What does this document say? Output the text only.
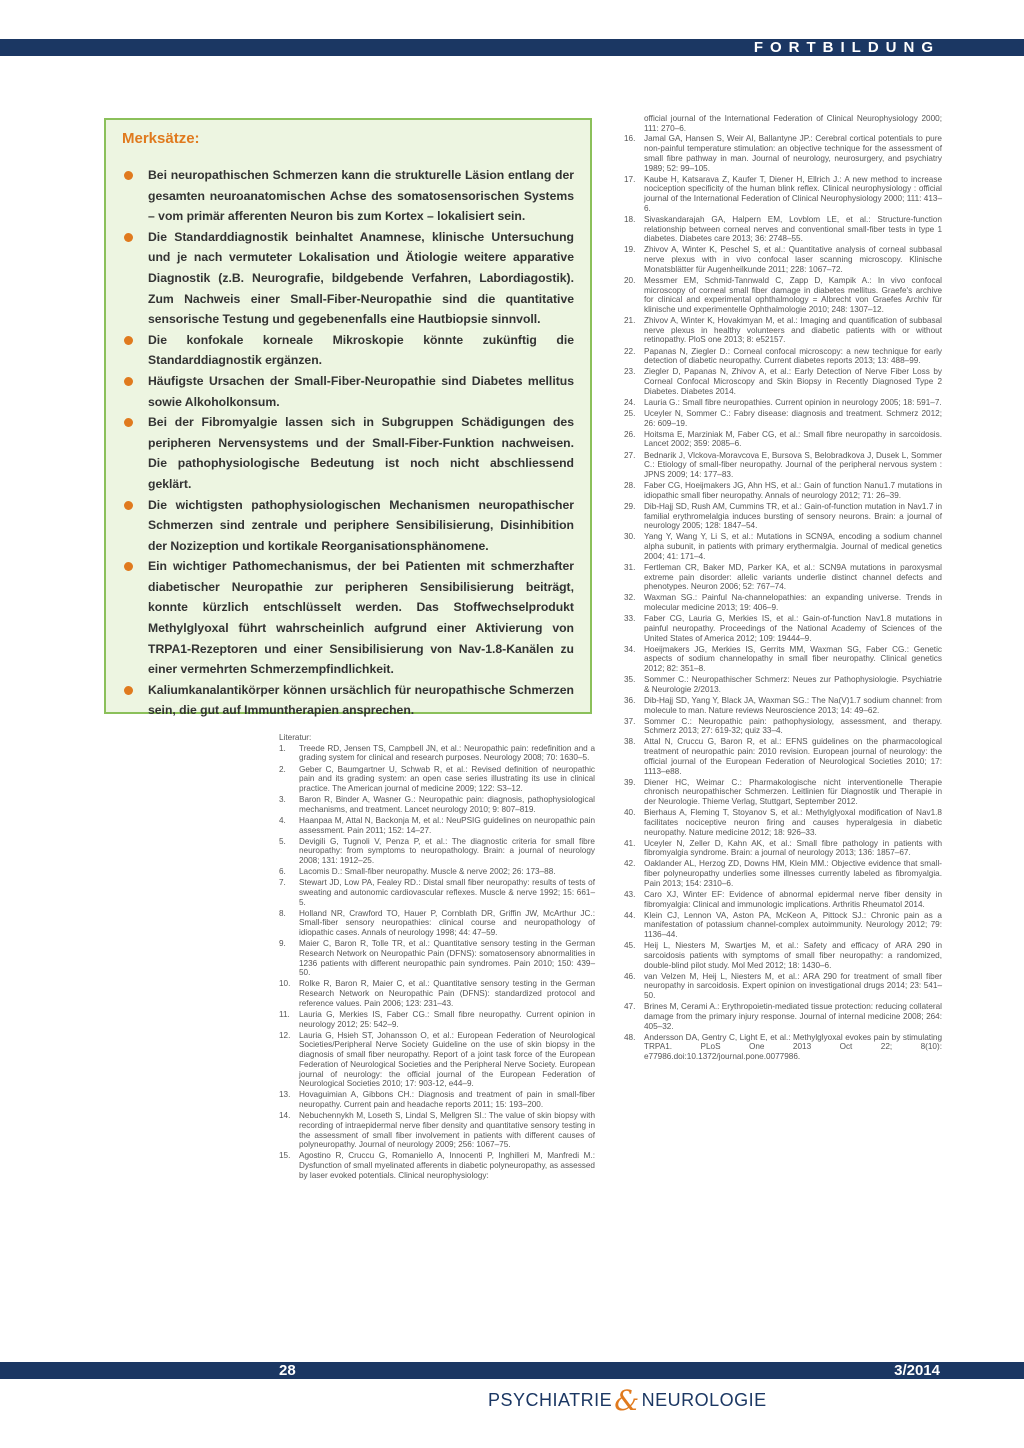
FORTBILDUNG
Merksätze:
Bei neuropathischen Schmerzen kann die strukturelle Läsion entlang der gesamten neuroanatomischen Achse des somatosensorischen Systems – vom primär afferenten Neuron bis zum Kortex – lokalisiert sein.
Die Standarddiagnostik beinhaltet Anamnese, klinische Untersuchung und je nach vermuteter Lokalisation und Ätiologie weitere apparative Diagnostik (z.B. Neurografie, bildgebende Verfahren, Labordiagostik). Zum Nachweis einer Small-Fiber-Neuropathie sind die quantitative sensorische Testung und gegebenenfalls eine Hautbiopsie sinnvoll.
Die konfokale korneale Mikroskopie könnte zukünftig die Standarddiagnostik ergänzen.
Häufigste Ursachen der Small-Fiber-Neuropathie sind Diabetes mellitus sowie Alkoholkonsum.
Bei der Fibromyalgie lassen sich in Subgruppen Schädigungen des peripheren Nervensystems und der Small-Fiber-Funktion nachweisen. Die pathophysiologische Bedeutung ist noch nicht abschliessend geklärt.
Die wichtigsten pathophysiologischen Mechanismen neuropathischer Schmerzen sind zentrale und periphere Sensibilisierung, Disinhibition der Nozizeption und kortikale Reorganisationsphänomene.
Ein wichtiger Pathomechanismus, der bei Patienten mit schmerzhafter diabetischer Neuropathie zur peripheren Sensibilisierung beiträgt, konnte kürzlich entschlüsselt werden. Das Stoffwechselprodukt Methylglyoxal führt wahrscheinlich aufgrund einer Aktivierung von TRPA1-Rezeptoren und einer Sensibilisierung von Nav-1.8-Kanälen zu einer vermehrten Schmerzempfindlichkeit.
Kaliumkanalantikörper können ursächlich für neuropathische Schmerzen sein, die gut auf Immuntherapien ansprechen.
Literatur:
1. Treede RD, Jensen TS, Campbell JN, et al.: Neuropathic pain: redefinition and a grading system for clinical and research purposes. Neurology 2008; 70: 1630–5.
2. Geber C, Baumgartner U, Schwab R, et al.: Revised definition of neuropathic pain and its grading system: an open case series illustrating its use in clinical practice. The American journal of medicine 2009; 122: S3–12.
3. Baron R, Binder A, Wasner G.: Neuropathic pain: diagnosis, pathophysiological mechanisms, and treatment. Lancet neurology 2010; 9: 807–819.
4. Haanpaa M, Attal N, Backonja M, et al.: NeuPSIG guidelines on neuropathic pain assessment. Pain 2011; 152: 14–27.
5. Devigili G, Tugnoli V, Penza P, et al.: The diagnostic criteria for small fibre neuropathy: from symptoms to neuropathology. Brain: a journal of neurology 2008; 131: 1912–25.
6. Lacomis D.: Small-fiber neuropathy. Muscle & nerve 2002; 26: 173–88.
7. Stewart JD, Low PA, Fealey RD.: Distal small fiber neuropathy: results of tests of sweating and autonomic cardiovascular reflexes. Muscle & nerve 1992; 15: 661–5.
8. Holland NR, Crawford TO, Hauer P, Cornblath DR, Griffin JW, McArthur JC.: Small-fiber sensory neuropathies: clinical course and neuropathology of idiopathic cases. Annals of neurology 1998; 44: 47–59.
9. Maier C, Baron R, Tolle TR, et al.: Quantitative sensory testing in the German Research Network on Neuropathic Pain (DFNS): somatosensory abnormalities in 1236 patients with different neuropathic pain syndromes. Pain 2010; 150: 439–50.
10. Rolke R, Baron R, Maier C, et al.: Quantitative sensory testing in the German Research Network on Neuropathic Pain (DFNS): standardized protocol and reference values. Pain 2006; 123: 231–43.
11. Lauria G, Merkies IS, Faber CG.: Small fibre neuropathy. Current opinion in neurology 2012; 25: 542–9.
12. Lauria G, Hsieh ST, Johansson O, et al.: European Federation of Neurological Societies/Peripheral Nerve Society Guideline on the use of skin biopsy in the diagnosis of small fiber neuropathy. Report of a joint task force of the European Federation of Neurological Societies and the Peripheral Nerve Society. European journal of neurology: the official journal of the European Federation of Neurological Societies 2010; 17: 903-12, e44–9.
13. Hovaguimian A, Gibbons CH.: Diagnosis and treatment of pain in small-fiber neuropathy. Current pain and headache reports 2011; 15: 193–200.
14. Nebuchennykh M, Loseth S, Lindal S, Mellgren SI.: The value of skin biopsy with recording of intraepidermal nerve fiber density and quantitative sensory testing in the assessment of small fiber involvement in patients with different causes of polyneuropathy. Journal of neurology 2009; 256: 1067–75.
15. Agostino R, Cruccu G, Romaniello A, Innocenti P, Inghilleri M, Manfredi M.: Dysfunction of small myelinated afferents in diabetic polyneuropathy, as assessed by laser evoked potentials. Clinical neurophysiology:
official journal of the International Federation of Clinical Neurophysiology 2000; 111: 270–6.
16. Jamal GA, Hansen S, Weir AI, Ballantyne JP.: Cerebral cortical potentials to pure non-painful temperature stimulation: an objective technique for the assessment of small fibre pathway in man. Journal of neurology, neurosurgery, and psychiatry 1989; 52: 99–105.
17. Kaube H, Katsarava Z, Kaufer T, Diener H, Ellrich J.: A new method to increase nociception specificity of the human blink reflex. Clinical neurophysiology : official journal of the International Federation of Clinical Neurophysiology 2000; 111: 413–6.
18. Sivaskandarajah GA, Halpern EM, Lovblom LE, et al.: Structure-function relationship between corneal nerves and conventional small-fiber tests in type 1 diabetes. Diabetes care 2013; 36: 2748–55.
19. Zhivov A, Winter K, Peschel S, et al.: Quantitative analysis of corneal subbasal nerve plexus with in vivo confocal laser scanning microscopy. Klinische Monatsblätter für Augenheilkunde 2011; 228: 1067–72.
20. Messmer EM, Schmid-Tannwald C, Zapp D, Kampik A.: In vivo confocal microscopy of corneal small fiber damage in diabetes mellitus. Graefe's archive for clinical and experimental ophthalmology = Albrecht von Graefes Archiv für klinische und experimentelle Ophthalmologie 2010; 248: 1307–12.
21. Zhivov A, Winter K, Hovakimyan M, et al.: Imaging and quantification of subbasal nerve plexus in healthy volunteers and diabetic patients with or without retinopathy. PloS one 2013; 8: e52157.
22. Papanas N, Ziegler D.: Corneal confocal microscopy: a new technique for early detection of diabetic neuropathy. Current diabetes reports 2013; 13: 488–99.
23. Ziegler D, Papanas N, Zhivov A, et al.: Early Detection of Nerve Fiber Loss by Corneal Confocal Microscopy and Skin Biopsy in Recently Diagnosed Type 2 Diabetes. Diabetes 2014.
24. Lauria G.: Small fibre neuropathies. Current opinion in neurology 2005; 18: 591–7.
25. Uceyler N, Sommer C.: Fabry disease: diagnosis and treatment. Schmerz 2012; 26: 609–19.
26. Hoitsma E, Marziniak M, Faber CG, et al.: Small fibre neuropathy in sarcoidosis. Lancet 2002; 359: 2085–6.
27. Bednarik J, Vlckova-Moravcova E, Bursova S, Belobradkova J, Dusek L, Sommer C.: Etiology of small-fiber neuropathy. Journal of the peripheral nervous system : JPNS 2009; 14: 177–83.
28. Faber CG, Hoeijmakers JG, Ahn HS, et al.: Gain of function Nanu1.7 mutations in idiopathic small fiber neuropathy. Annals of neurology 2012; 71: 26–39.
29. Dib-Hajj SD, Rush AM, Cummins TR, et al.: Gain-of-function mutation in Nav1.7 in familial erythromelalgia induces bursting of sensory neurons. Brain: a journal of neurology 2005; 128: 1847–54.
30. Yang Y, Wang Y, Li S, et al.: Mutations in SCN9A, encoding a sodium channel alpha subunit, in patients with primary erythermalgia. Journal of medical genetics 2004; 41: 171–4.
31. Fertleman CR, Baker MD, Parker KA, et al.: SCN9A mutations in paroxysmal extreme pain disorder: allelic variants underlie distinct channel defects and phenotypes. Neuron 2006; 52: 767–74.
32. Waxman SG.: Painful Na-channelopathies: an expanding universe. Trends in molecular medicine 2013; 19: 406–9.
33. Faber CG, Lauria G, Merkies IS, et al.: Gain-of-function Nav1.8 mutations in painful neuropathy. Proceedings of the National Academy of Sciences of the United States of America 2012; 109: 19444–9.
34. Hoeijmakers JG, Merkies IS, Gerrits MM, Waxman SG, Faber CG.: Genetic aspects of sodium channelopathy in small fiber neuropathy. Clinical genetics 2012; 82: 351–8.
35. Sommer C.: Neuropathischer Schmerz: Neues zur Pathophysiologie. Psychiatrie & Neurologie 2/2013.
36. Dib-Hajj SD, Yang Y, Black JA, Waxman SG.: The Na(V)1.7 sodium channel: from molecule to man. Nature reviews Neuroscience 2013; 14: 49–62.
37. Sommer C.: Neuropathic pain: pathophysiology, assessment, and therapy. Schmerz 2013; 27: 619-32; quiz 33–4.
38. Attal N, Cruccu G, Baron R, et al.: EFNS guidelines on the pharmacological treatment of neuropathic pain: 2010 revision. European journal of neurology: the official journal of the European Federation of Neurological Societies 2010; 17: 1113–e88.
39. Diener HC, Weimar C.: Pharmakologische nicht interventionelle Therapie chronisch neuropathischer Schmerzen. Leitlinien für Diagnostik und Therapie in der Neurologie. Thieme Verlag, Stuttgart, September 2012.
40. Bierhaus A, Fleming T, Stoyanov S, et al.: Methylglyoxal modification of Nav1.8 facilitates nociceptive neuron firing and causes hyperalgesia in diabetic neuropathy. Nature medicine 2012; 18: 926–33.
41. Uceyler N, Zeller D, Kahn AK, et al.: Small fibre pathology in patients with fibromyalgia syndrome. Brain: a journal of neurology 2013; 136: 1857–67.
42. Oaklander AL, Herzog ZD, Downs HM, Klein MM.: Objective evidence that small-fiber polyneuropathy underlies some illnesses currently labeled as fibromyalgia. Pain 2013; 154: 2310–6.
43. Caro XJ, Winter EF: Evidence of abnormal epidermal nerve fiber density in fibromyalgia: Clinical and immunologic implications. Arthritis Rheumatol 2014.
44. Klein CJ, Lennon VA, Aston PA, McKeon A, Pittock SJ.: Chronic pain as a manifestation of potassium channel-complex autoimmunity. Neurology 2012; 79: 1136–44.
45. Heij L, Niesters M, Swartjes M, et al.: Safety and efficacy of ARA 290 in sarcoidosis patients with symptoms of small fiber neuropathy: a randomized, double-blind pilot study. Mol Med 2012; 18: 1430–6.
46. van Velzen M, Heij L, Niesters M, et al.: ARA 290 for treatment of small fiber neuropathy in sarcoidosis. Expert opinion on investigational drugs 2014; 23: 541–50.
47. Brines M, Cerami A.: Erythropoietin-mediated tissue protection: reducing collateral damage from the primary injury response. Journal of internal medicine 2008; 264: 405–32.
48. Andersson DA, Gentry C, Light E, et al.: Methylglyoxal evokes pain by stimulating TRPA1. PLoS One 2013 Oct 22; 8(10): e77986.doi:10.1372/journal.pone.0077986.
28	3/2014
PSYCHIATRIE& NEUROLOGIE
